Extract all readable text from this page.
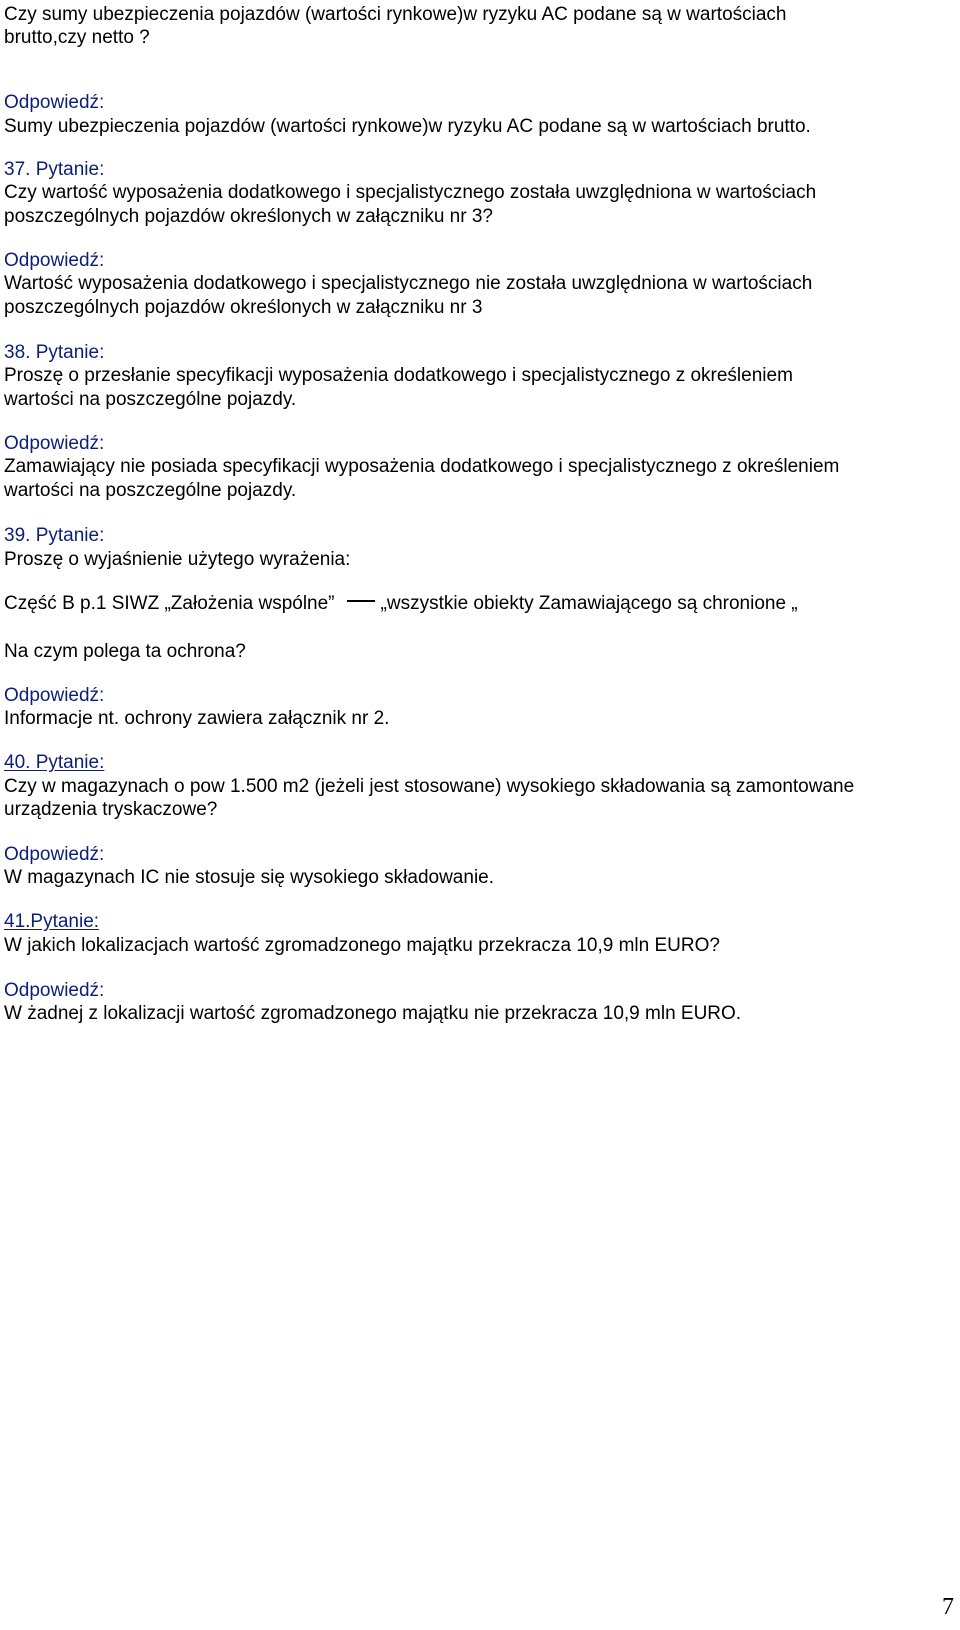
Czy sumy ubezpieczenia pojazdów (wartości rynkowe)w ryzyku AC podane są w wartościach
brutto,czy netto ?
Odpowiedź:
Sumy ubezpieczenia pojazdów (wartości rynkowe)w ryzyku AC podane są w wartościach brutto.
37. Pytanie:
Czy wartość wyposażenia dodatkowego i specjalistycznego została uwzględniona w wartościach
poszczególnych pojazdów określonych w załączniku nr 3?
Odpowiedź:
Wartość wyposażenia dodatkowego i specjalistycznego nie została uwzględniona w wartościach
poszczególnych pojazdów określonych w załączniku nr 3
38. Pytanie:
Proszę o przesłanie specyfikacji wyposażenia dodatkowego i specjalistycznego z określeniem
wartości na poszczególne pojazdy.
Odpowiedź:
Zamawiający nie posiada specyfikacji wyposażenia dodatkowego i specjalistycznego z określeniem
wartości na poszczególne pojazdy.
39. Pytanie:
Proszę o wyjaśnienie użytego wyrażenia:
Część B p.1 SIWZ „Założenia wspólne” „wszystkie obiekty Zamawiającego są chronione „
Na czym polega ta ochrona?
Odpowiedź:
Informacje nt. ochrony zawiera załącznik nr 2.
40. Pytanie:
Czy w magazynach o pow 1.500 m2 (jeżeli jest stosowane) wysokiego składowania są zamontowane
urządzenia tryskaczowe?
Odpowiedź:
W magazynach IC nie stosuje się wysokiego składowanie.
41.Pytanie:
W jakich lokalizacjach wartość zgromadzonego majątku przekracza 10,9 mln EURO?
Odpowiedź:
W żadnej z lokalizacji wartość zgromadzonego majątku nie przekracza 10,9 mln EURO.
7
